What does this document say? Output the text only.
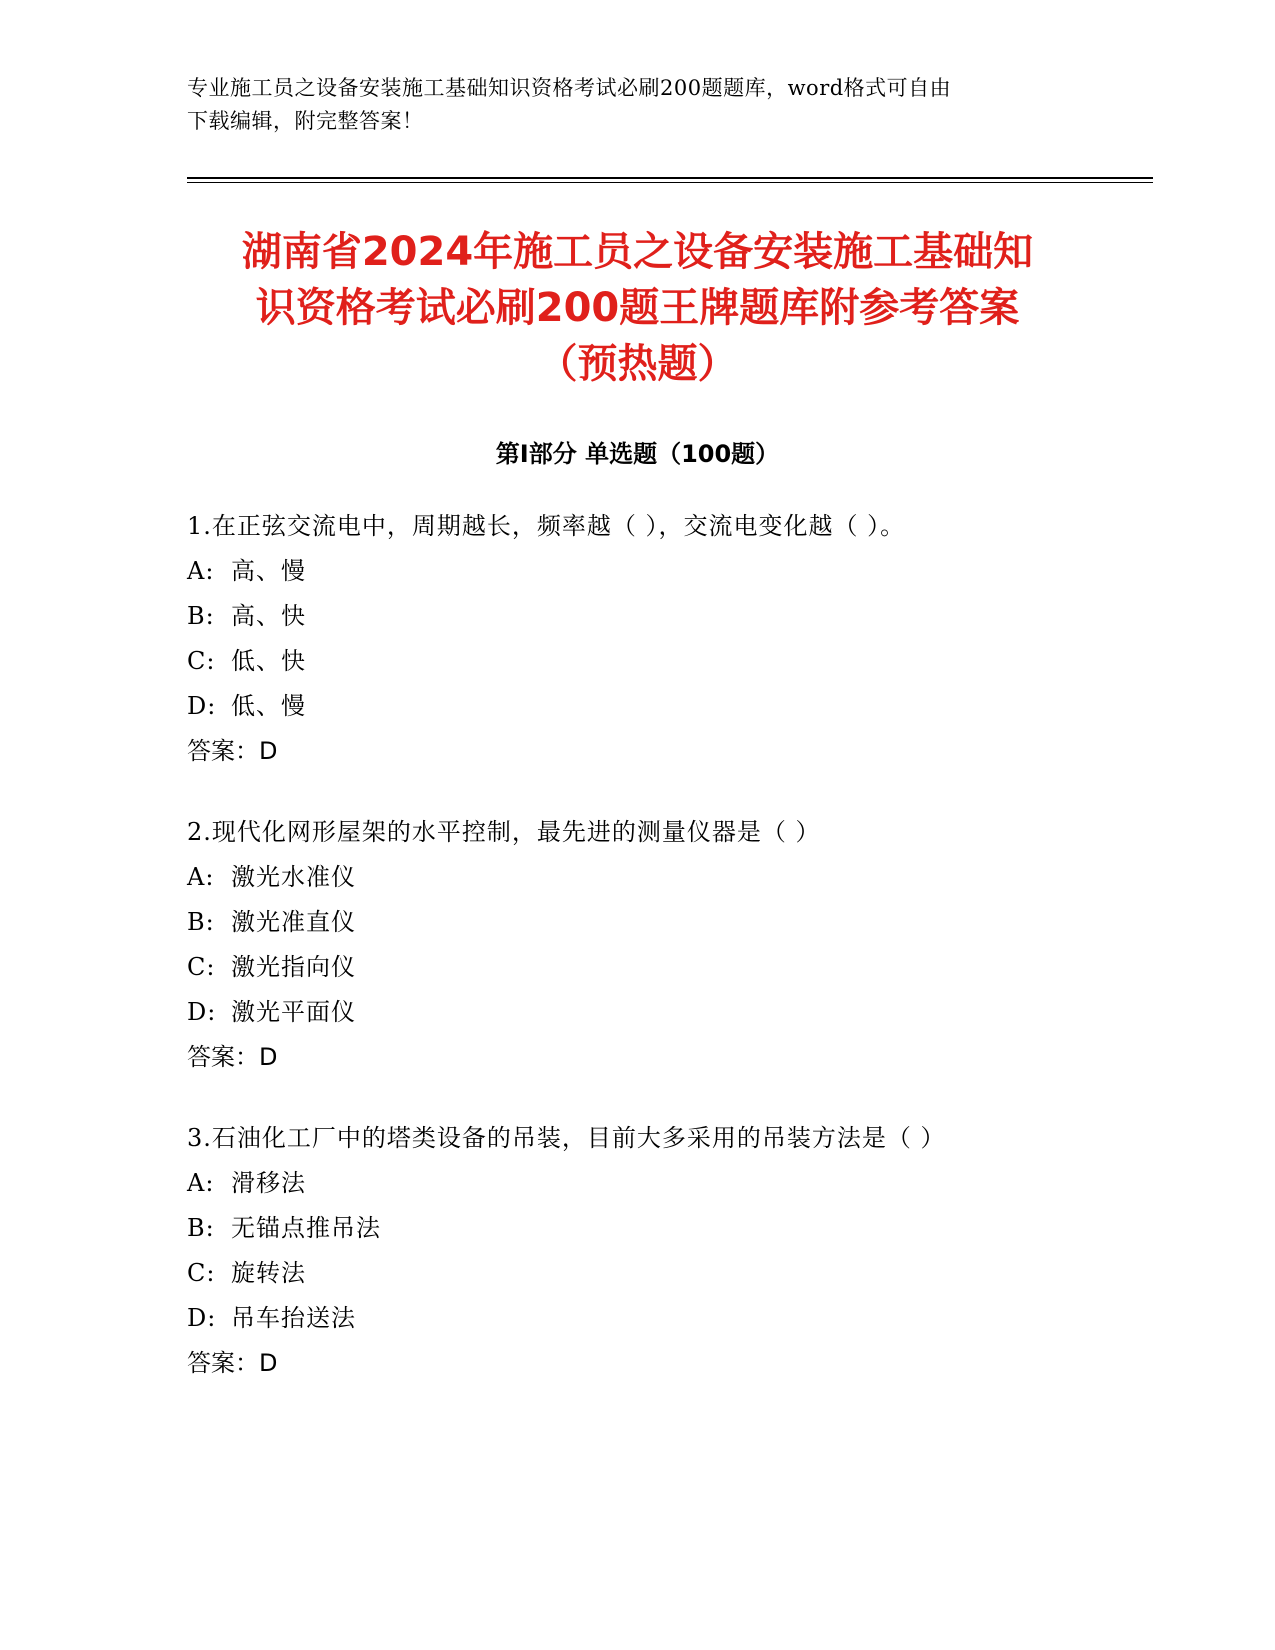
专业施工员之设备安装施工基础知识资格考试必刷200题题库，word格式可自由
下载编辑，附完整答案！
湖南省2024年施工员之设备安装施工基础知
识资格考试必刷200题王牌题库附参考答案
（预热题）
第Ⅰ部分 单选题（100题）
1.在正弦交流电中，周期越长，频率越（ ），交流电变化越（ ）。
A: 高、慢
B: 高、快
C: 低、快
D: 低、慢
答案：D
2.现代化网形屋架的水平控制，最先进的测量仪器是（ ）
A: 激光水准仪
B: 激光准直仪
C: 激光指向仪
D: 激光平面仪
答案：D
3.石油化工厂中的塔类设备的吊装，目前大多采用的吊装方法是（ ）
A: 滑移法
B: 无锚点推吊法
C: 旋转法
D: 吊车抬送法
答案：D
